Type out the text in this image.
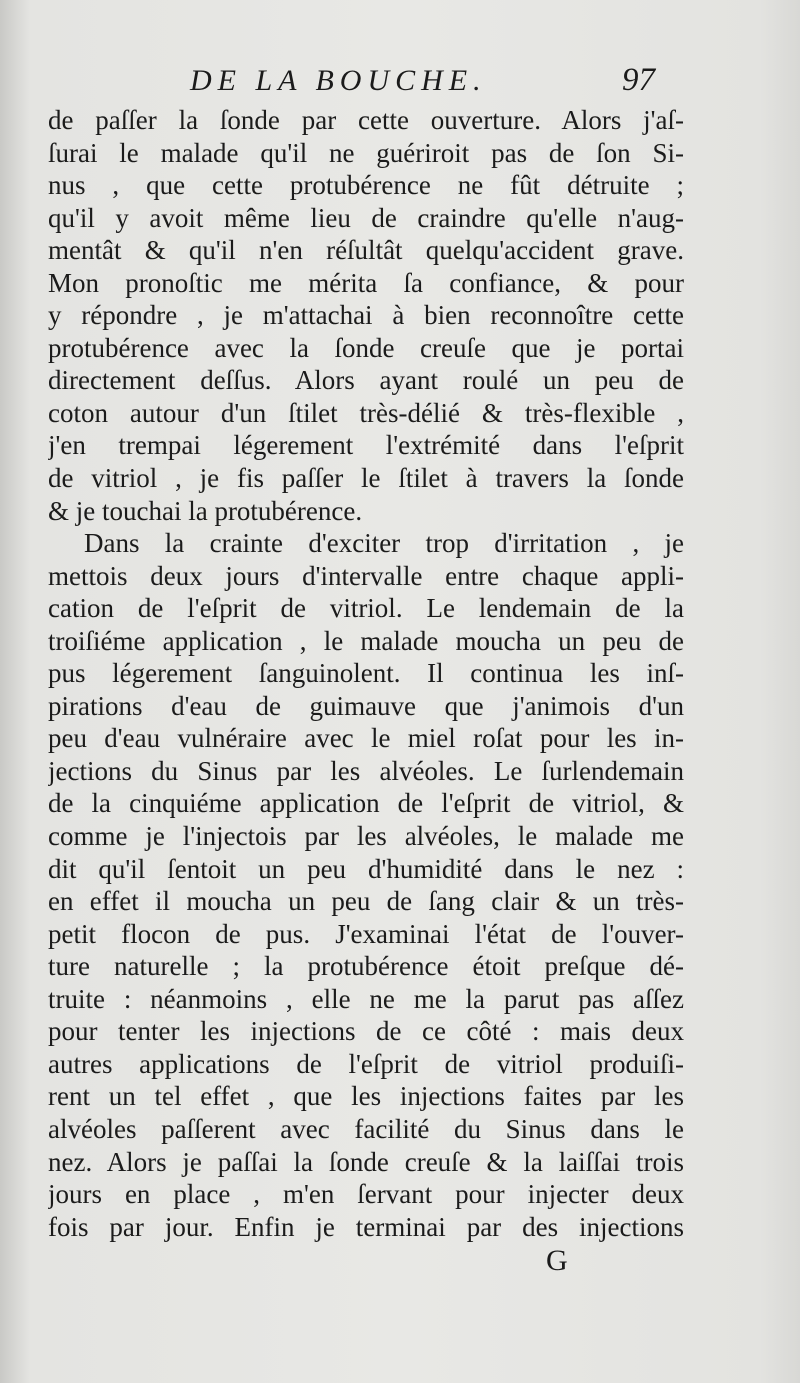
DE LA BOUCHE.	97
de paſſer la ſonde par cette ouverture. Alors j'aſ-
ſurai le malade qu'il ne guériroit pas de ſon Si-
nus , que cette protubérence ne fût détruite ;
qu'il y avoit même lieu de craindre qu'elle n'aug-
mentât & qu'il n'en réſultât quelqu'accident grave.
Mon pronoſtic me mérita ſa confiance, & pour
y répondre , je m'attachai à bien reconnoître cette
protubérence avec la ſonde creuſe que je portai
directement deſſus. Alors ayant roulé un peu de
coton autour d'un ſtilet très-délié & très-flexible ,
j'en trempai légerement l'extrémité dans l'eſprit
de vitriol , je fis paſſer le ſtilet à travers la ſonde
& je touchai la protubérence.
Dans la crainte d'exciter trop d'irritation , je
mettois deux jours d'intervalle entre chaque appli-
cation de l'eſprit de vitriol. Le lendemain de la
troiſiéme application , le malade moucha un peu de
pus légerement ſanguinolent. Il continua les inſ-
pirations d'eau de guimauve que j'animois d'un
peu d'eau vulnéraire avec le miel roſat pour les in-
jections du Sinus par les alvéoles. Le ſurlendemain
de la cinquiéme application de l'eſprit de vitriol, &
comme je l'injectois par les alvéoles, le malade me
dit qu'il ſentoit un peu d'humidité dans le nez :
en effet il moucha un peu de ſang clair & un très-
petit flocon de pus. J'examinai l'état de l'ouver-
ture naturelle ; la protubérence étoit preſque dé-
truite : néanmoins , elle ne me la parut pas aſſez
pour tenter les injections de ce côté : mais deux
autres applications de l'eſprit de vitriol produiſi-
rent un tel effet , que les injections faites par les
alvéoles paſſerent avec facilité du Sinus dans le
nez. Alors je paſſai la ſonde creuſe & la laiſſai trois
jours en place , m'en ſervant pour injecter deux
fois par jour. Enfin je terminai par des injections
G
